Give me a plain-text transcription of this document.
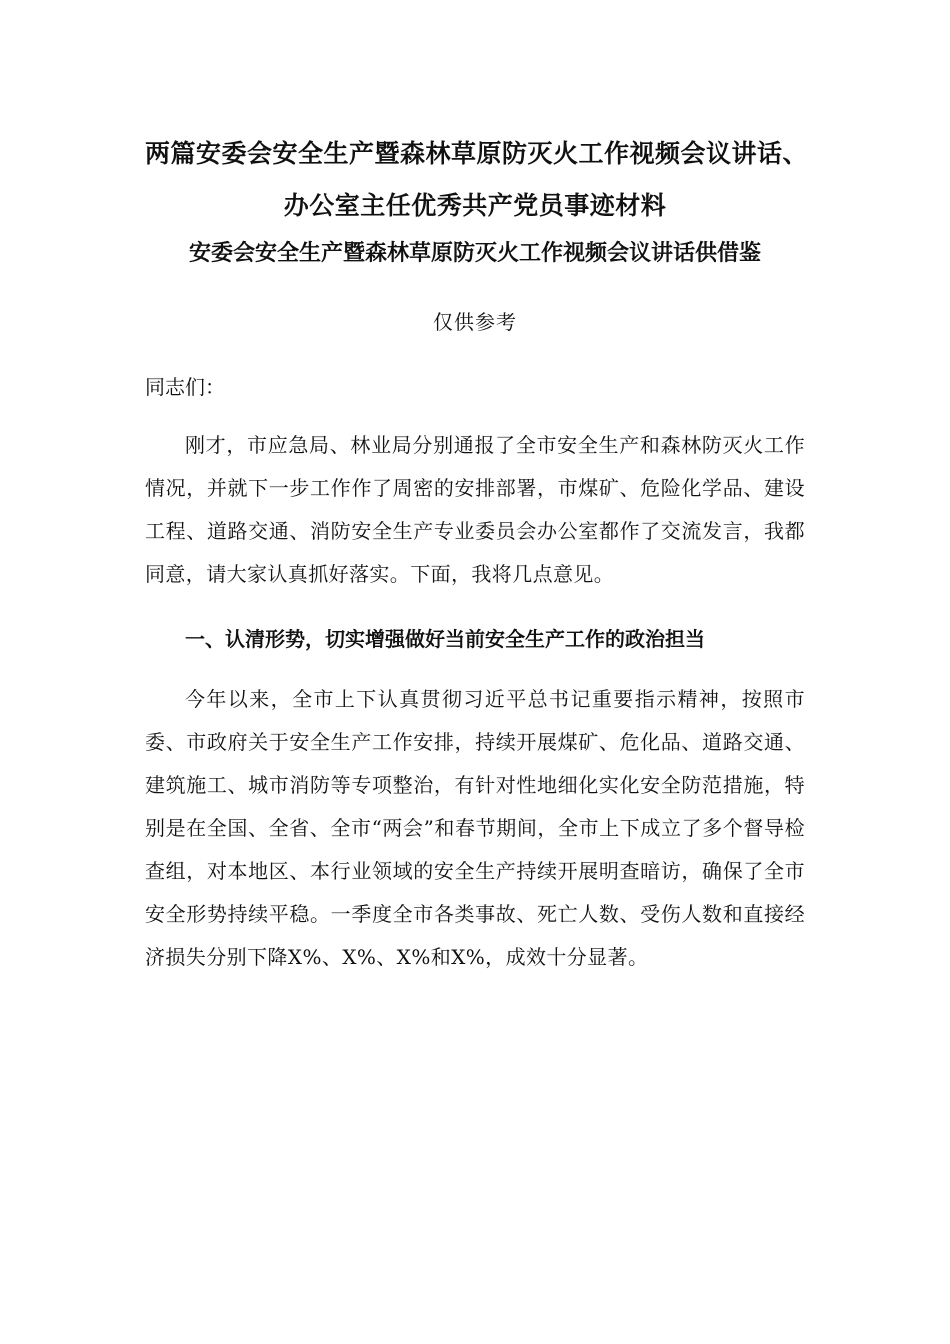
两篇安委会安全生产暨森林草原防灭火工作视频会议讲话、
办公室主任优秀共产党员事迹材料
安委会安全生产暨森林草原防灭火工作视频会议讲话供借鉴
仅供参考
同志们：

刚才，市应急局、林业局分别通报了全市安全生产和森林防灭火工作情况，并就下一步工作作了周密的安排部署，市煤矿、危险化学品、建设工程、道路交通、消防安全生产专业委员会办公室都作了交流发言，我都同意，请大家认真抓好落实。下面，我将几点意见。

一、认清形势，切实增强做好当前安全生产工作的政治担当

今年以来，全市上下认真贯彻习近平总书记重要指示精神，按照市委、市政府关于安全生产工作安排，持续开展煤矿、危化品、道路交通、建筑施工、城市消防等专项整治，有针对性地细化实化安全防范措施，特别是在全国、全省、全市“两会”和春节期间，全市上下成立了多个督导检查组，对本地区、本行业领域的安全生产持续开展明查暗访，确保了全市安全形势持续平稳。一季度全市各类事故、死亡人数、受伤人数和直接经济损失分别下降X%、X%、X%和X%，成效十分显著。
